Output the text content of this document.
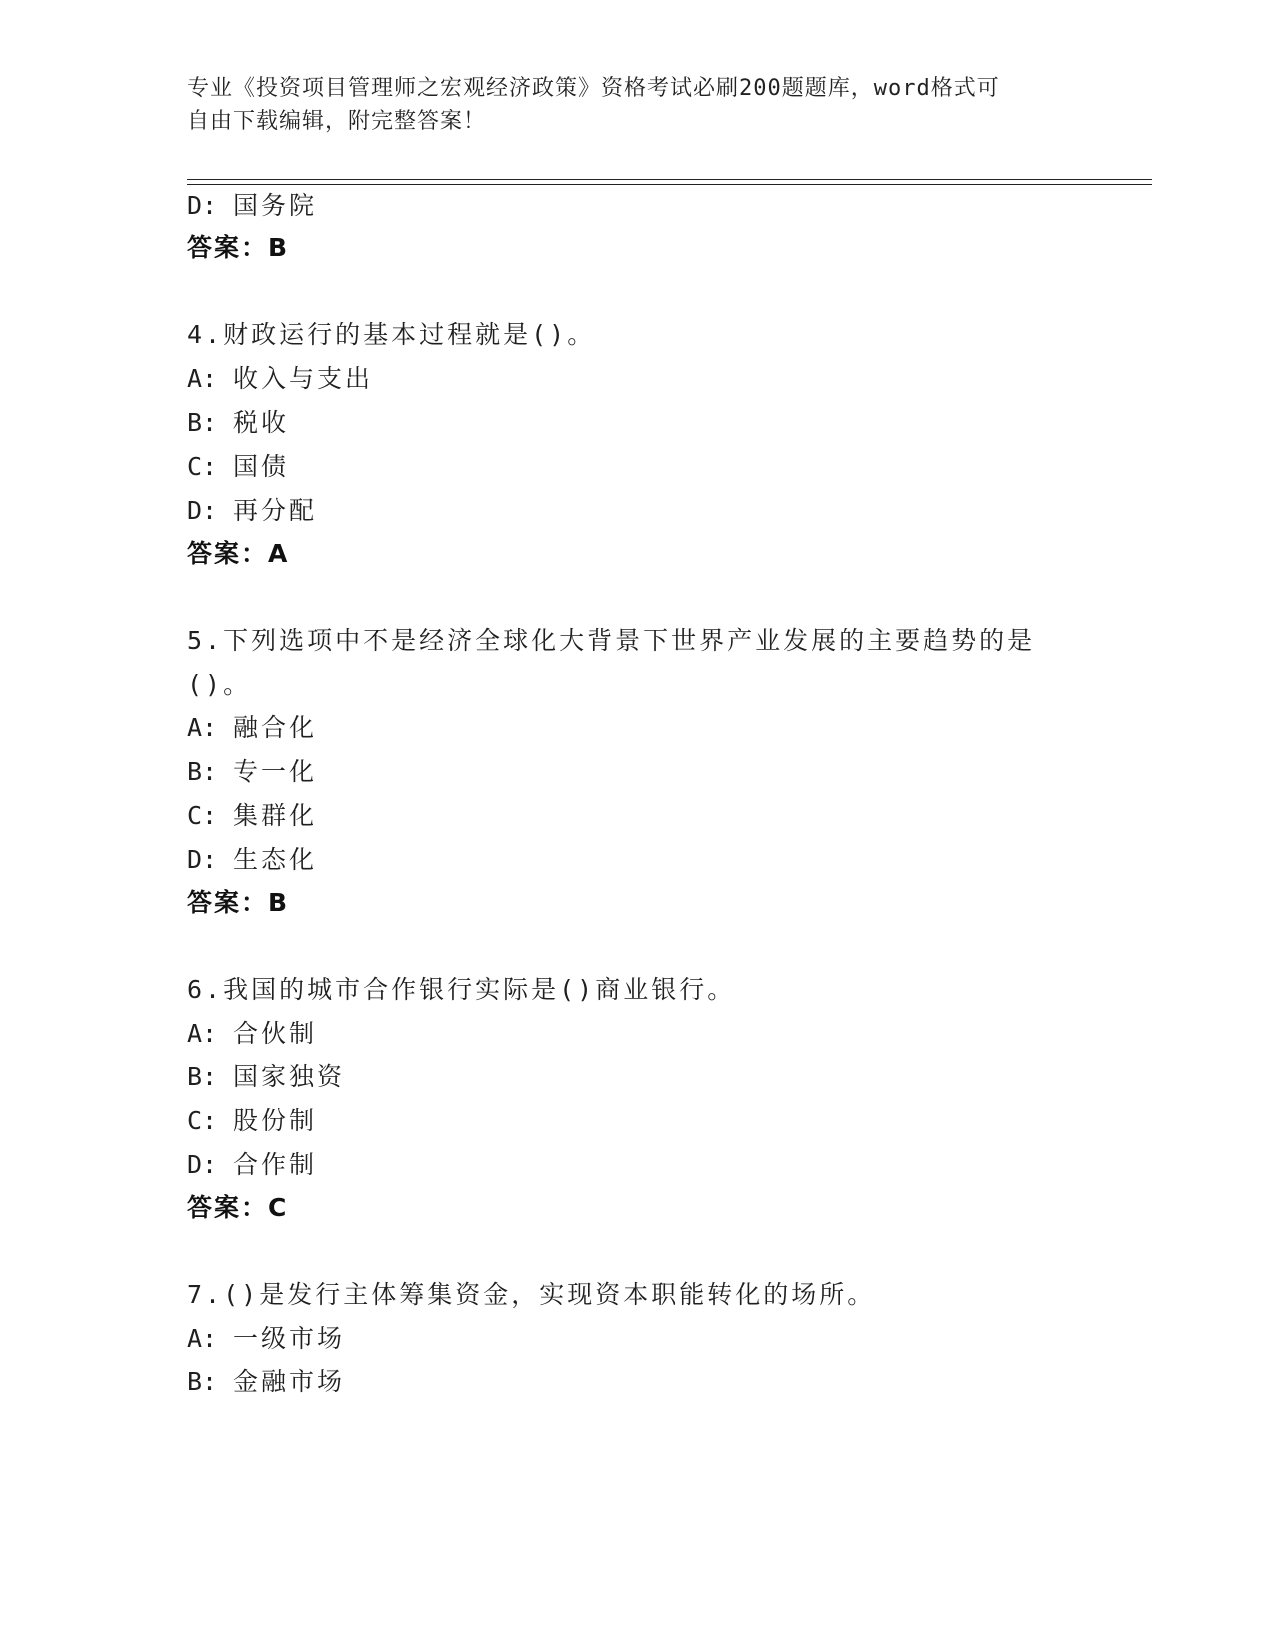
专业《投资项目管理师之宏观经济政策》资格考试必刷200题题库，word格式可
自由下载编辑，附完整答案！
D: 国务院
答案：B
4.财政运行的基本过程就是()。
A: 收入与支出
B: 税收
C: 国债
D: 再分配
答案：A
5.下列选项中不是经济全球化大背景下世界产业发展的主要趋势的是
()。
A: 融合化
B: 专一化
C: 集群化
D: 生态化
答案：B
6.我国的城市合作银行实际是()商业银行。
A: 合伙制
B: 国家独资
C: 股份制
D: 合作制
答案：C
7.()是发行主体筹集资金，实现资本职能转化的场所。
A: 一级市场
B: 金融市场
